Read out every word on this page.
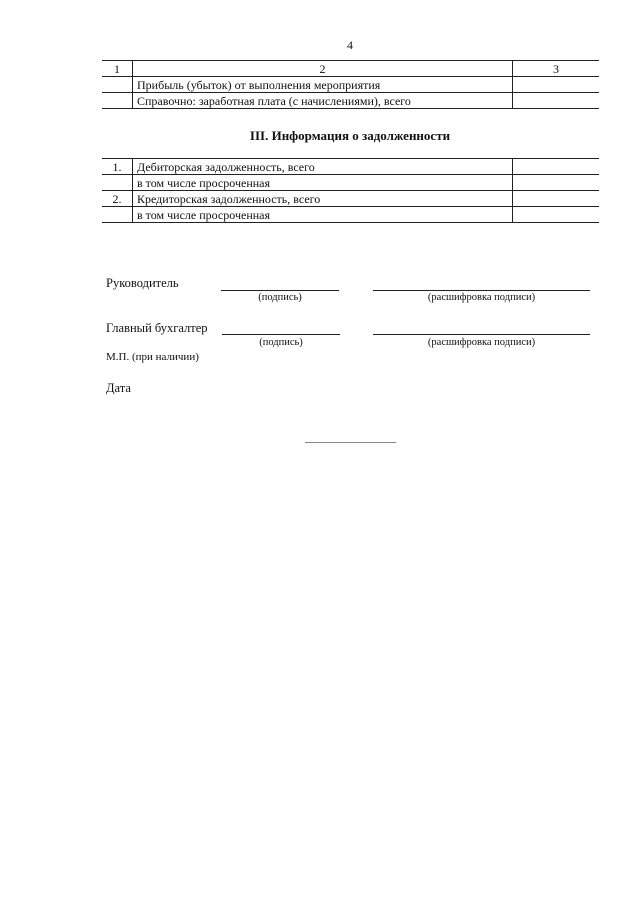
4
1	2	3
	Прибыль (убыток) от выполнения мероприятия	
	Справочно: заработная плата (с начислениями), всего	
III. Информация о задолженности
1.	Дебиторская задолженность, всего	
	в том числе просроченная	
2.	Кредиторская задолженность, всего	
	в том числе просроченная	
Руководитель
(подпись)	(расшифровка подписи)
Главный бухгалтер
(подпись)	(расшифровка подписи)
М.П. (при наличии)
Дата
